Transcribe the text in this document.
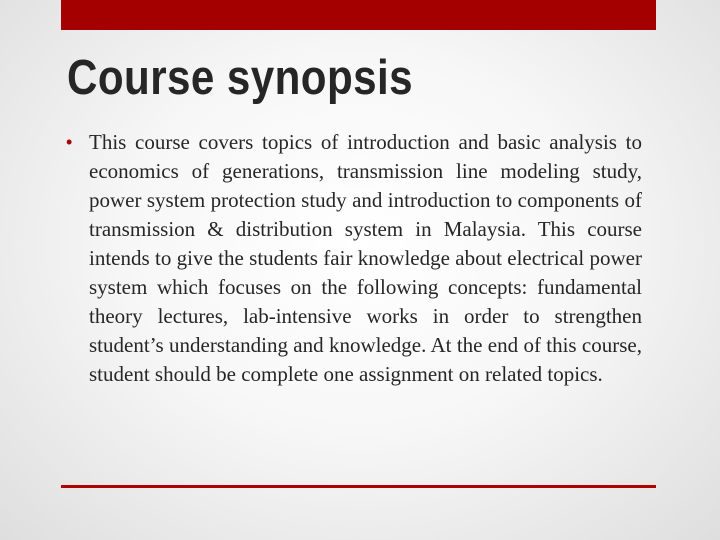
Course synopsis
• This course covers topics of introduction and basic analysis to economics of generations, transmission line modeling study, power system protection study and introduction to components of transmission & distribution system in Malaysia. This course intends to give the students fair knowledge about electrical power system which focuses on the following concepts: fundamental theory lectures, lab-intensive works in order to strengthen student’s understanding and knowledge. At the end of this course, student should be complete one assignment on related topics.
